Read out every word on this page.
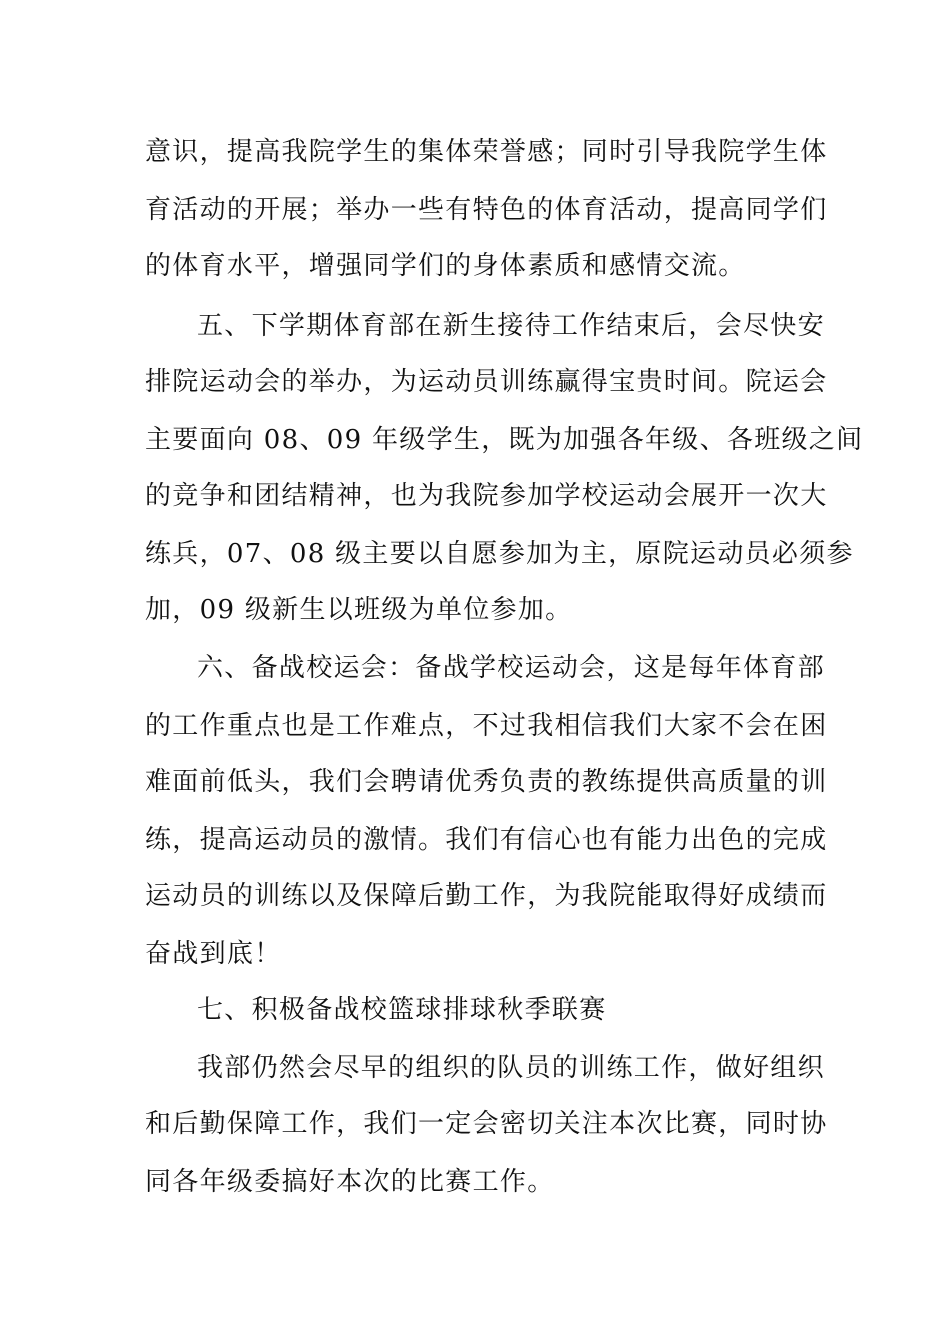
意识，提高我院学生的集体荣誉感；同时引导我院学生体
育活动的开展；举办一些有特色的体育活动，提高同学们
的体育水平，增强同学们的身体素质和感情交流。
五、下学期体育部在新生接待工作结束后，会尽快安
排院运动会的举办，为运动员训练赢得宝贵时间。院运会
主要面向 08、09 年级学生，既为加强各年级、各班级之间
的竞争和团结精神，也为我院参加学校运动会展开一次大
练兵，07、08 级主要以自愿参加为主，原院运动员必须参
加，09 级新生以班级为单位参加。
六、备战校运会：备战学校运动会，这是每年体育部
的工作重点也是工作难点，不过我相信我们大家不会在困
难面前低头，我们会聘请优秀负责的教练提供高质量的训
练，提高运动员的激情。我们有信心也有能力出色的完成
运动员的训练以及保障后勤工作，为我院能取得好成绩而
奋战到底！
七、积极备战校篮球排球秋季联赛
我部仍然会尽早的组织的队员的训练工作，做好组织
和后勤保障工作，我们一定会密切关注本次比赛，同时协
同各年级委搞好本次的比赛工作。
